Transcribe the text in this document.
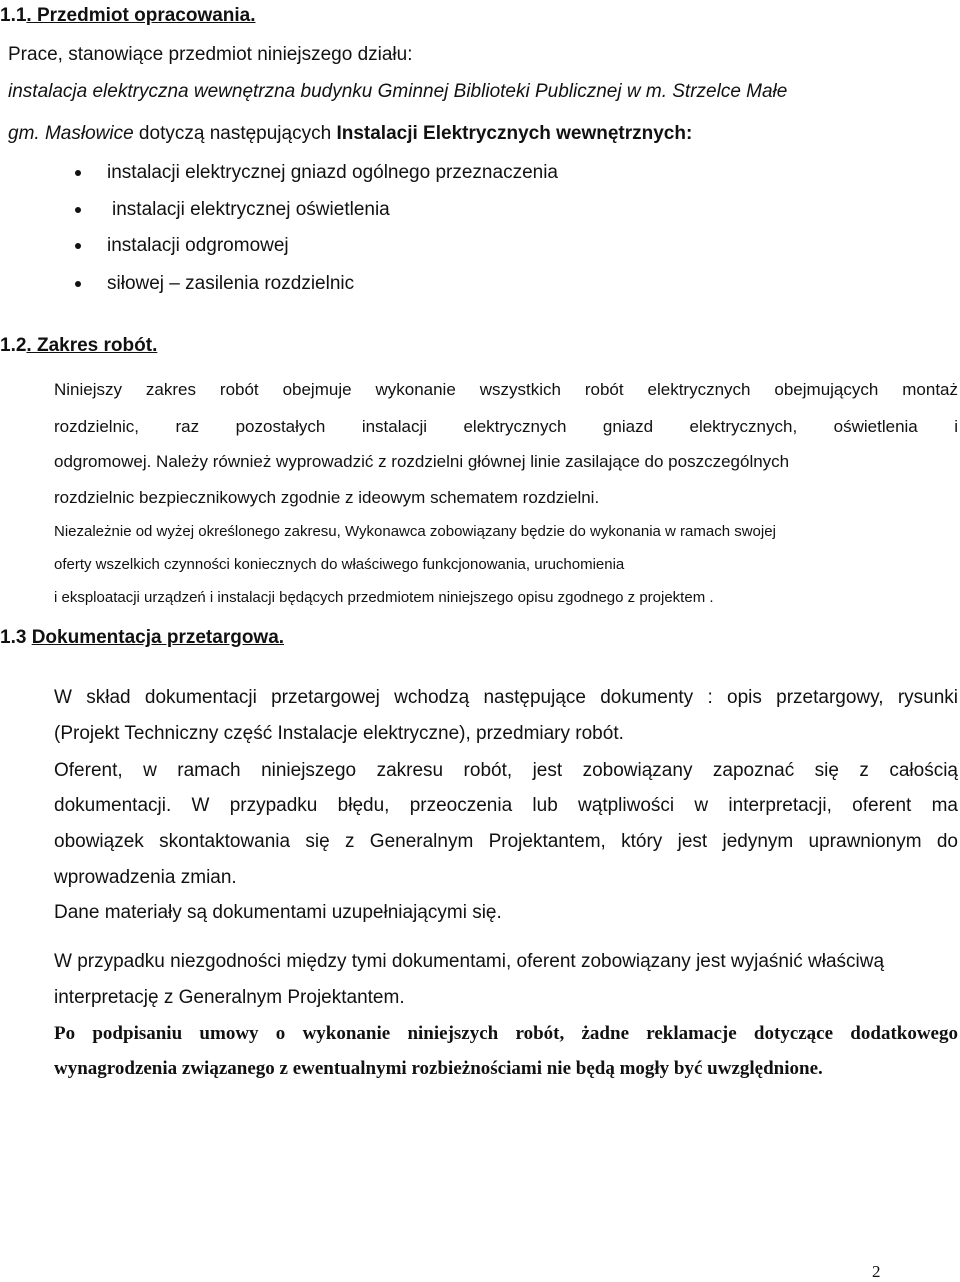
1.1. Przedmiot opracowania.
Prace, stanowiące przedmiot niniejszego działu:
instalacja elektryczna wewnętrzna budynku Gminnej Biblioteki Publicznej w m. Strzelce Małe
gm. Masłowice dotyczą następujących Instalacji Elektrycznych wewnętrznych:
instalacji elektrycznej gniazd ogólnego przeznaczenia
instalacji elektrycznej oświetlenia
instalacji odgromowej
siłowej – zasilenia rozdzielnic
1.2. Zakres robót.
Niniejszy zakres robót obejmuje wykonanie wszystkich robót elektrycznych obejmujących montaż
rozdzielnic, raz pozostałych instalacji elektrycznych gniazd elektrycznych, oświetlenia i
odgromowej. Należy również wyprowadzić z rozdzielni głównej linie zasilające do poszczególnych
rozdzielnic bezpiecznikowych zgodnie z ideowym schematem rozdzielni.
Niezależnie od wyżej określonego zakresu, Wykonawca zobowiązany będzie do wykonania w ramach swojej
oferty wszelkich czynności koniecznych do właściwego funkcjonowania, uruchomienia
i eksploatacji urządzeń i instalacji będących przedmiotem niniejszego opisu zgodnego z projektem .
1.3 Dokumentacja przetargowa.
W skład dokumentacji przetargowej wchodzą następujące dokumenty : opis przetargowy, rysunki
(Projekt Techniczny część Instalacje elektryczne), przedmiary robót.
Oferent, w ramach niniejszego zakresu robót, jest zobowiązany zapoznać się z całością
dokumentacji. W przypadku błędu, przeoczenia lub wątpliwości w interpretacji, oferent ma
obowiązek skontaktowania się z Generalnym Projektantem, który jest jedynym uprawnionym do
wprowadzenia zmian.
Dane materiały są dokumentami uzupełniającymi się.
W przypadku niezgodności między tymi dokumentami, oferent zobowiązany jest wyjaśnić właściwą
interpretację z Generalnym Projektantem.
Po podpisaniu umowy o wykonanie niniejszych robót, żadne reklamacje dotyczące dodatkowego
wynagrodzenia związanego z ewentualnymi rozbieżnościami nie będą mogły być uwzględnione.
2
